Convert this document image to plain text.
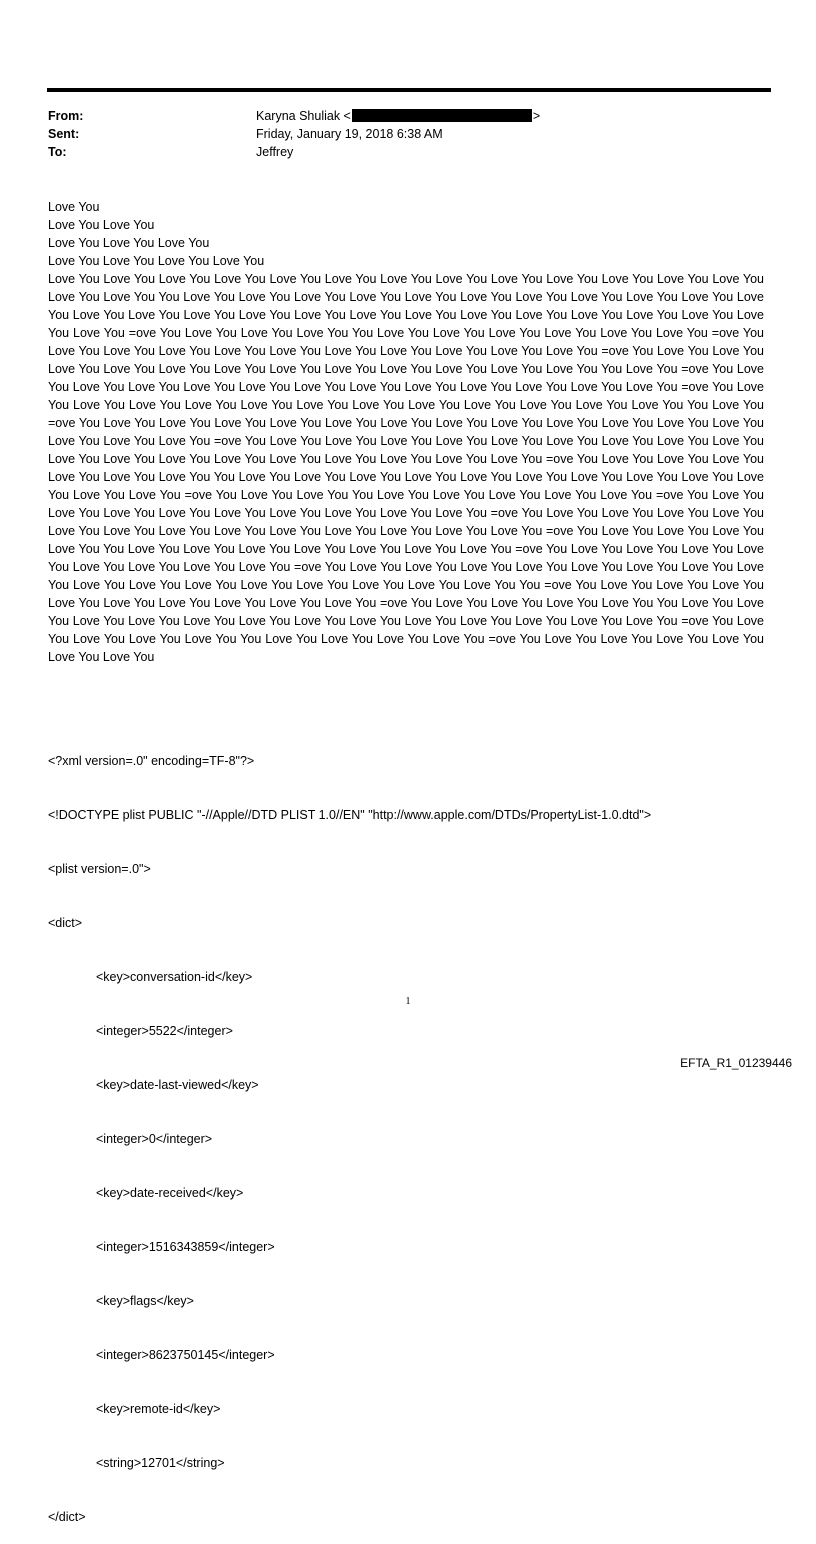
From:	Karyna Shuliak <	>
Sent:	Friday, January 19, 2018 6:38 AM
To:	Jeffrey

Love You

Love You Love You

Love You Love You Love You

Love You Love You Love You Love You

Love You Love You Love You Love You Love You Love You Love You Love You Love You Love You Love You Love You Love You Love You Love You You Love You Love You Love You Love You Love You Love You Love You Love You Love You Love You Love You Love You Love You Love You Love You Love You Love You Love You Love You Love You Love You Love You Love You Love You Love You =ove You Love You Love You Love You You Love You Love You Love You Love You Love You Love You =ove You Love You Love You Love You Love You Love You Love You Love You Love You Love You Love You =ove You Love You Love You Love You Love You Love You Love You Love You Love You Love You Love You Love You Love You You Love You =ove You Love You Love You Love You Love You Love You Love You Love You Love You Love You Love You Love You Love You =ove You Love You Love You Love You Love You Love You Love You Love You Love You Love You Love You Love You Love You You Love You =ove You Love You Love You Love You Love You Love You Love You Love You Love You Love You Love You Love You Love You Love You Love You Love You =ove You Love You Love You Love You Love You Love You Love You Love You Love You Love You Love You Love You Love You Love You Love You Love You Love You Love You Love You =ove You Love You Love You Love You Love You Love You Love You You Love You Love You Love You Love You Love You Love You Love You Love You Love You Love You Love You Love You =ove You Love You Love You You Love You Love You Love You Love You Love You =ove You Love You Love You Love You Love You Love You Love You Love You Love You Love You =ove You Love You Love You Love You Love You Love You Love You Love You Love You Love You Love You Love You Love You Love You =ove You Love You Love You Love You Love You You Love You Love You Love You Love You Love You Love You Love You =ove You Love You Love You Love You Love You Love You Love You Love You Love You =ove You Love You Love You Love You Love You Love You Love You Love You Love You Love You Love You Love You Love You Love You Love You Love You Love You You =ove You Love You Love You Love You Love You Love You Love You Love You Love You Love You =ove You Love You Love You Love You Love You You Love You Love You Love You Love You Love You Love You Love You Love You Love You Love You Love You Love You Love You =ove You Love You Love You Love You Love You You Love You Love You Love You Love You =ove You Love You Love You Love You Love You Love You Love You

<?xml version=.0" encoding=TF-8"?>

<!DOCTYPE plist PUBLIC "-//Apple//DTD PLIST 1.0//EN" "http://www.apple.com/DTDs/PropertyList-1.0.dtd">

<plist version=.0">

<dict>

<key>conversation-id</key>

<integer>5522</integer>

<key>date-last-viewed</key>

<integer>0</integer>

<key>date-received</key>

<integer>1516343859</integer>

<key>flags</key>

<integer>8623750145</integer>

<key>remote-id</key>

<string>12701</string>

</dict>

1
EFTA_R1_01239446
